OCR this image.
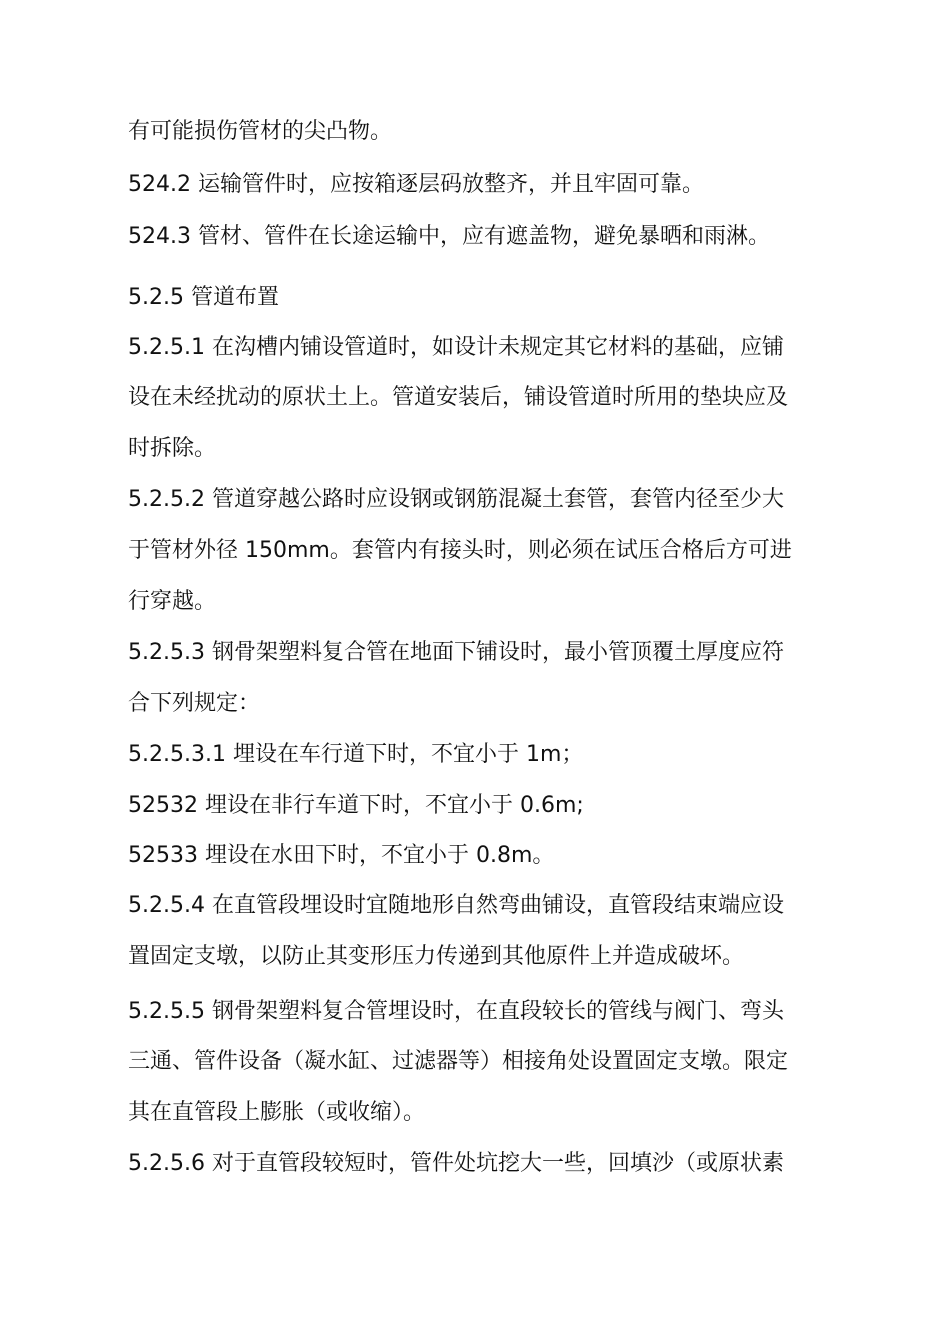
有可能损伤管材的尖凸物。
524.2 运输管件时，应按箱逐层码放整齐，并且牢固可靠。
524.3 管材、管件在长途运输中，应有遮盖物，避免暴晒和雨淋。
5.2.5 管道布置
5.2.5.1 在沟槽内铺设管道时，如设计未规定其它材料的基础，应铺
设在未经扰动的原状土上。管道安装后，铺设管道时所用的垫块应及
时拆除。
5.2.5.2 管道穿越公路时应设钢或钢筋混凝土套管，套管内径至少大
于管材外径 150mm。套管内有接头时，则必须在试压合格后方可进
行穿越。
5.2.5.3 钢骨架塑料复合管在地面下铺设时，最小管顶覆土厚度应符
合下列规定：
5.2.5.3.1 埋设在车行道下时，不宜小于 1m；
52532 埋设在非行车道下时，不宜小于 0.6m;
52533 埋设在水田下时，不宜小于 0.8m。
5.2.5.4 在直管段埋设时宜随地形自然弯曲铺设，直管段结束端应设
置固定支墩，以防止其变形压力传递到其他原件上并造成破坏。
5.2.5.5 钢骨架塑料复合管埋设时，在直段较长的管线与阀门、弯头
三通、管件设备（凝水缸、过滤器等）相接角处设置固定支墩。限定
其在直管段上膨胀（或收缩）。
5.2.5.6 对于直管段较短时，管件处坑挖大一些，回填沙（或原状素
